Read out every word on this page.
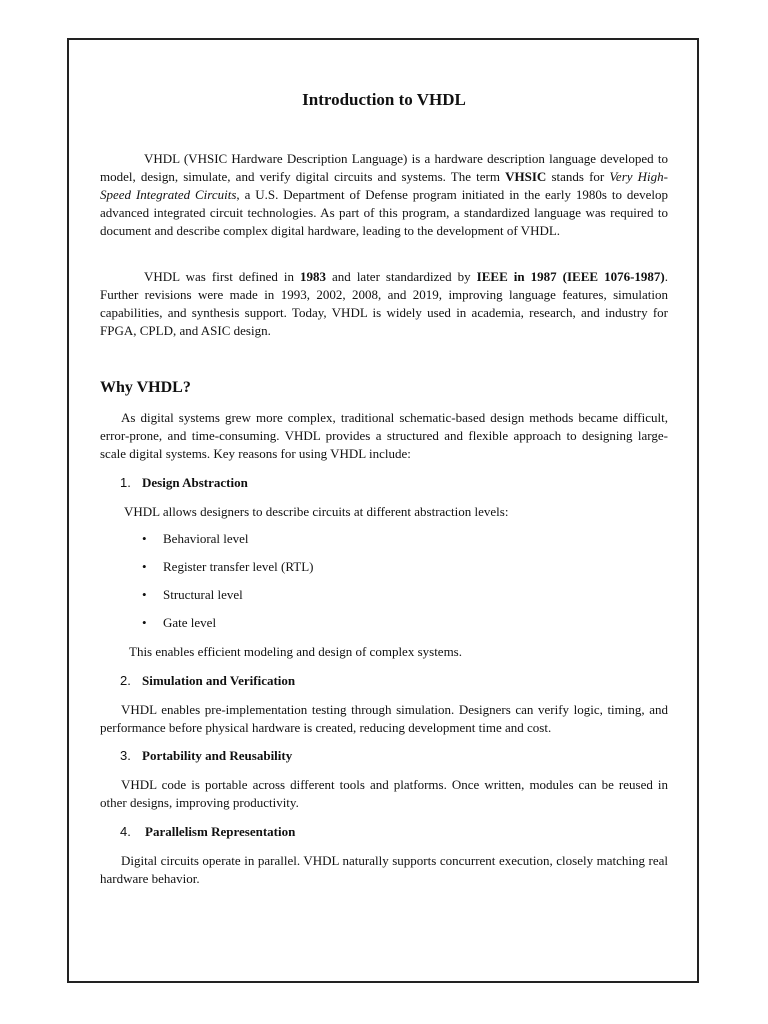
Introduction to VHDL

VHDL (VHSIC Hardware Description Language) is a hardware description language developed to model, design, simulate, and verify digital circuits and systems. The term VHSIC stands for Very High-Speed Integrated Circuits, a U.S. Department of Defense program initiated in the early 1980s to develop advanced integrated circuit technologies. As part of this program, a standardized language was required to document and describe complex digital hardware, leading to the development of VHDL.

VHDL was first defined in 1983 and later standardized by IEEE in 1987 (IEEE 1076-1987). Further revisions were made in 1993, 2002, 2008, and 2019, improving language features, simulation capabilities, and synthesis support. Today, VHDL is widely used in academia, research, and industry for FPGA, CPLD, and ASIC design.

Why VHDL?

As digital systems grew more complex, traditional schematic-based design methods became difficult, error-prone, and time-consuming. VHDL provides a structured and flexible approach to designing large-scale digital systems. Key reasons for using VHDL include:

1. Design Abstraction

VHDL allows designers to describe circuits at different abstraction levels:

• Behavioral level
• Register transfer level (RTL)
• Structural level
• Gate level

This enables efficient modeling and design of complex systems.

2. Simulation and Verification

VHDL enables pre-implementation testing through simulation. Designers can verify logic, timing, and performance before physical hardware is created, reducing development time and cost.

3. Portability and Reusability

VHDL code is portable across different tools and platforms. Once written, modules can be reused in other designs, improving productivity.

4. Parallelism Representation

Digital circuits operate in parallel. VHDL naturally supports concurrent execution, closely matching real hardware behavior.
